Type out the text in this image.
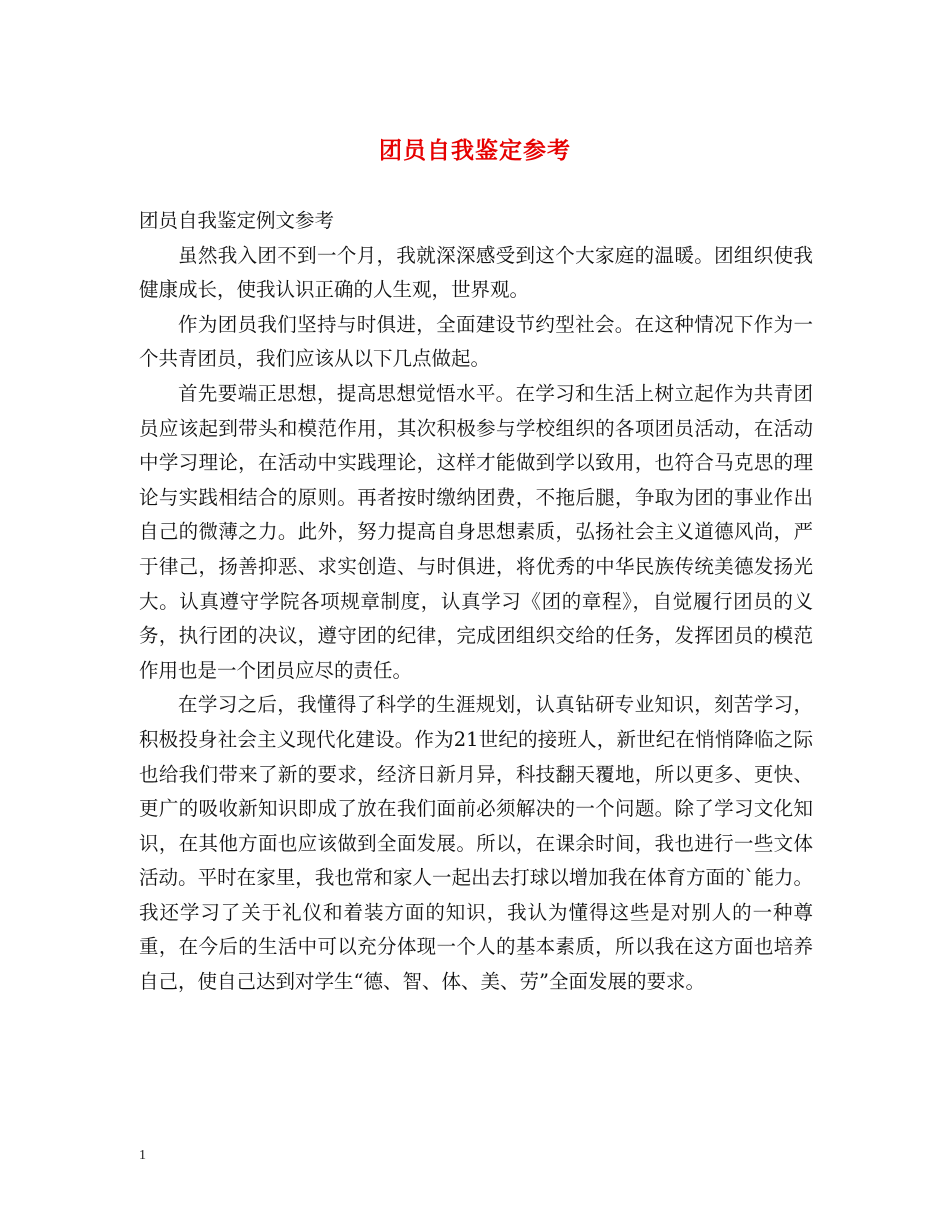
团员自我鉴定参考

团员自我鉴定例文参考

虽然我入团不到一个月，我就深深感受到这个大家庭的温暖。团组织使我健康成长，使我认识正确的人生观，世界观。

作为团员我们坚持与时俱进，全面建设节约型社会。在这种情况下作为一个共青团员，我们应该从以下几点做起。

首先要端正思想，提高思想觉悟水平。在学习和生活上树立起作为共青团员应该起到带头和模范作用，其次积极参与学校组织的各项团员活动，在活动中学习理论，在活动中实践理论，这样才能做到学以致用，也符合马克思的理论与实践相结合的原则。再者按时缴纳团费，不拖后腿，争取为团的事业作出自己的微薄之力。此外，努力提高自身思想素质，弘扬社会主义道德风尚，严于律己，扬善抑恶、求实创造、与时俱进，将优秀的中华民族传统美德发扬光大。认真遵守学院各项规章制度，认真学习《团的章程》，自觉履行团员的义务，执行团的决议，遵守团的纪律，完成团组织交给的任务，发挥团员的模范作用也是一个团员应尽的责任。

在学习之后，我懂得了科学的生涯规划，认真钻研专业知识，刻苦学习，积极投身社会主义现代化建设。作为21世纪的接班人，新世纪在悄悄降临之际也给我们带来了新的要求，经济日新月异，科技翻天覆地，所以更多、更快、更广的吸收新知识即成了放在我们面前必须解决的一个问题。除了学习文化知识，在其他方面也应该做到全面发展。所以，在课余时间，我也进行一些文体活动。平时在家里，我也常和家人一起出去打球以增加我在体育方面的`能力。我还学习了关于礼仪和着装方面的知识，我认为懂得这些是对别人的一种尊重，在今后的生活中可以充分体现一个人的基本素质，所以我在这方面也培养自己，使自己达到对学生“德、智、体、美、劳”全面发展的要求。

1
